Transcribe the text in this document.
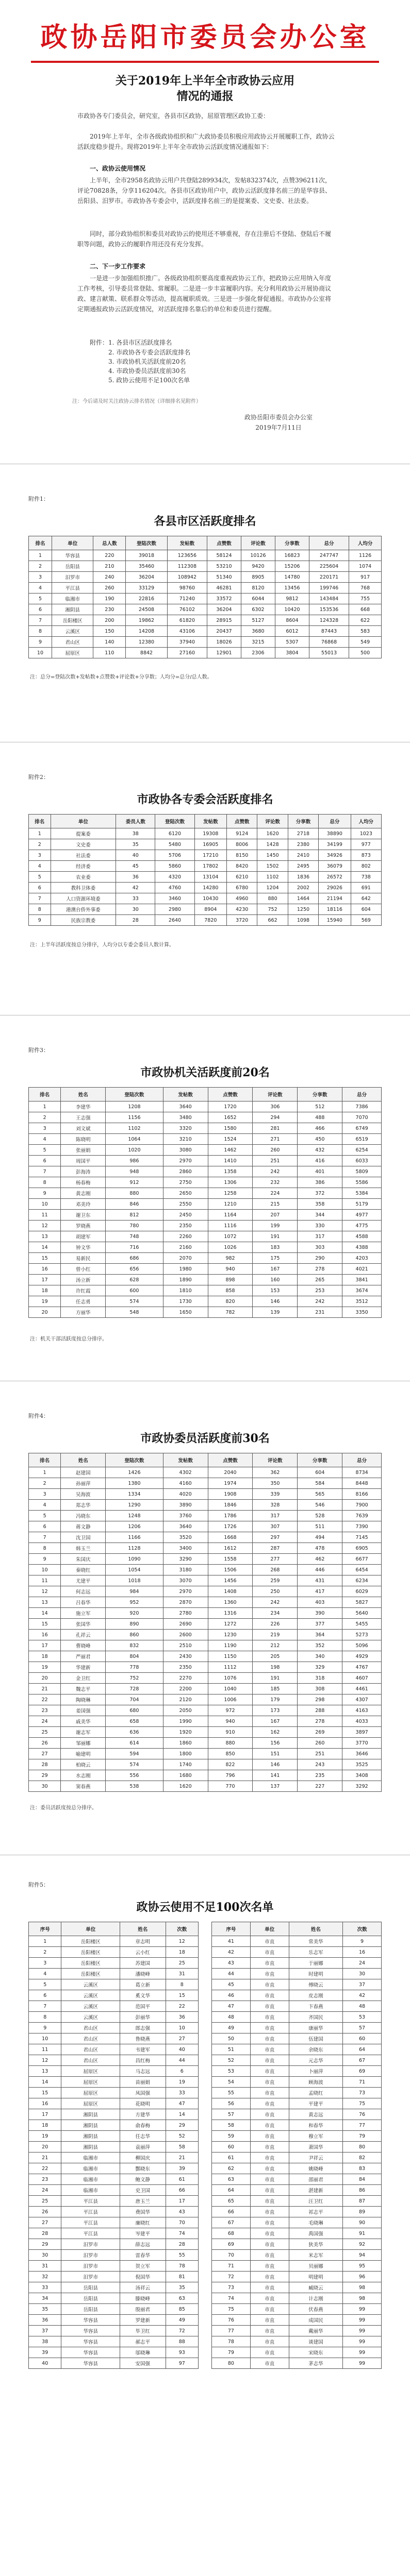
政协岳阳市委员会办公室
关于2019年上半年全市政协云应用
情况的通报
市政协各专门委员会，研究室，各县市区政协，屈原管理区政协工委：
2019年上半年，全市各级政协组织和广大政协委员积极应用政协云开展履职工作，政协云活跃度稳步提升。现将2019年上半年全市政协云活跃度情况通报如下：
一、政协云使用情况
上半年，全市2958名政协云用户共登陆289934次，发帖832374次，点赞396211次，评论70828条，分享116204次。各县市区政协用户中，政协云活跃度排名前三的是华容县、岳阳县、汨罗市。市政协各专委会中，活跃度排名前三的是提案委、文史委、社法委。
同时，部分政协组织和委员对政协云的使用还不够重视，存在注册后不登陆、登陆后不履职等问题，政协云的履职作用还没有充分发挥。
二、下一步工作要求
一是进一步加强组织推广。各级政协组织要高度重视政协云工作，把政协云应用纳入年度工作考核，引导委员常登陆、常履职。二是进一步丰富履职内容。充分利用政协云开展协商议政、建言献策、联系群众等活动，提高履职质效。三是进一步强化督促通报。市政协办公室将定期通报政协云活跃度情况，对活跃度排名靠后的单位和委员进行提醒。
附件：1. 各县市区活跃度排名
2. 市政协各专委会活跃度排名
3. 市政协机关活跃度前20名
4. 市政协委员活跃度前30名
5. 政协云使用不足100次名单
注：今后请及时关注政协云排名情况（详细排名见附件）
政协岳阳市委员会办公室
2019年7月11日
附件1：
各县市区活跃度排名
排名	单位	总人数	登陆次数	发帖数	点赞数	评论数	分享数	总分	人均分
1	华容县	220	39018	123656	58124	10126	16823	247747	1126
2	岳阳县	210	35460	112308	53210	9420	15206	225604	1074
3	汨罗市	240	36204	108942	51340	8905	14780	220171	917
4	平江县	260	33129	98760	46281	8120	13456	199746	768
5	临湘市	190	22816	71240	33572	6044	9812	143484	755
6	湘阴县	230	24508	76102	36204	6302	10420	153536	668
7	岳阳楼区	200	19862	61820	28915	5127	8604	124328	622
8	云溪区	150	14208	43106	20437	3680	6012	87443	583
9	君山区	140	12380	37940	18026	3215	5307	76868	549
10	屈原区	110	8842	27160	12901	2306	3804	55013	500
注：总分=登陆次数+发帖数+点赞数+评论数+分享数；人均分=总分/总人数。
附件2：
市政协各专委会活跃度排名
排名	单位	委员人数	登陆次数	发帖数	点赞数	评论数	分享数	总分	人均分
1	提案委	38	6120	19308	9124	1620	2718	38890	1023
2	文史委	35	5480	16905	8006	1428	2380	34199	977
3	社法委	40	5706	17210	8150	1450	2410	34926	873
4	经济委	45	5860	17802	8420	1502	2495	36079	802
5	农业委	36	4320	13104	6210	1102	1836	26572	738
6	教科卫体委	42	4760	14280	6780	1204	2002	29026	691
7	人口资源环境委	33	3460	10430	4960	880	1464	21194	642
8	港澳台侨外事委	30	2980	8904	4230	752	1250	18116	604
9	民族宗教委	28	2640	7820	3720	662	1098	15940	569
注：上半年活跃度按总分排序，人均分以专委会委员人数计算。
附件3：
市政协机关活跃度前20名
排名	姓名	登陆次数	发帖数	点赞数	评论数	分享数	总分
1	李建华	1208	3640	1720	306	512	7386
2	王志强	1156	3480	1652	294	488	7070
3	刘文斌	1102	3320	1580	281	466	6749
4	陈晓明	1064	3210	1524	271	450	6519
5	张丽娟	1020	3080	1462	260	432	6254
6	周国平	986	2970	1410	251	416	6033
7	彭海涛	948	2860	1358	242	401	5809
8	杨春梅	912	2750	1306	232	386	5586
9	黄志刚	880	2650	1258	224	372	5384
10	邓美玲	846	2550	1210	215	358	5179
11	谢卫东	812	2450	1164	207	344	4977
12	罗晓燕	780	2350	1116	199	330	4775
13	胡建军	748	2260	1072	191	317	4588
14	钟文华	716	2160	1026	183	303	4388
15	易新民	686	2070	982	175	290	4203
16	曾小红	656	1980	940	167	278	4021
17	汤立新	628	1890	898	160	265	3841
18	许红霞	600	1810	858	153	253	3674
19	任志勇	574	1730	820	146	242	3512
20	方丽华	548	1650	782	139	231	3350
注：机关干部活跃度按总分排序。
附件4：
市政协委员活跃度前30名
排名	姓名	登陆次数	发帖数	点赞数	评论数	分享数	总分
1	赵建国	1426	4302	2040	362	604	8734
2	孙丽萍	1380	4160	1974	350	584	8448
3	吴海波	1334	4020	1908	339	565	8166
4	郑志华	1290	3890	1846	328	546	7900
5	冯晓东	1248	3760	1786	317	528	7639
6	蒋文静	1206	3640	1726	307	511	7390
7	沈卫国	1166	3520	1668	297	494	7145
8	韩玉兰	1128	3400	1612	287	478	6905
9	朱国庆	1090	3290	1558	277	462	6677
10	秦晓红	1054	3180	1506	268	446	6454
11	尤建平	1018	3070	1456	259	431	6234
12	何志远	984	2970	1408	250	417	6029
13	吕春华	952	2870	1360	242	403	5827
14	施立军	920	2780	1316	234	390	5640
15	张国华	890	2690	1272	226	377	5455
16	孔祥云	860	2600	1230	219	364	5273
17	曹晓峰	832	2510	1190	212	352	5096
18	严丽君	804	2430	1150	205	340	4929
19	华建新	778	2350	1112	198	329	4767
20	金卫红	752	2270	1076	191	318	4607
21	魏志平	728	2200	1040	185	308	4461
22	陶晓琳	704	2120	1006	179	298	4307
23	姜国强	680	2050	972	173	288	4163
24	戚美华	658	1990	940	167	278	4033
25	谢志军	636	1920	910	162	269	3897
26	邹丽娜	614	1860	880	156	260	3770
27	喻建明	594	1800	850	151	251	3646
28	柏晓云	574	1740	822	146	243	3525
29	水志刚	556	1680	796	141	235	3408
30	窦春燕	538	1620	770	137	227	3292
注：委员活跃度按总分排序。
附件5：
政协云使用不足100次名单
序号	单位	姓名	次数
1	岳阳楼区	章志明	12
2	岳阳楼区	云小红	18
3	岳阳楼区	苏建国	25
4	岳阳楼区	潘晓峰	31
5	云溪区	葛立新	8
6	云溪区	奚文华	15
7	云溪区	范国平	22
8	云溪区	彭丽华	36
9	君山区	郎志强	10
10	君山区	鲁晓燕	27
11	君山区	韦建军	40
12	君山区	昌红梅	44
13	屈原区	马志远	6
14	屈原区	苗丽娟	19
15	屈原区	凤国强	33
16	屈原区	花晓明	47
17	湘阴县	方建华	14
18	湘阴县	俞春梅	29
19	湘阴县	任志华	52
20	湘阴县	袁丽萍	58
21	临湘市	柳国庆	21
22	临湘市	酆晓东	39
23	临湘市	鲍文静	61
24	临湘市	史卫国	66
25	平江县	唐玉兰	17
26	平江县	费国华	43
27	平江县	廉晓红	70
28	平江县	岑建平	74
29	汨罗市	薛志远	28
30	汨罗市	雷春华	55
31	汨罗市	贺立军	78
32	汨罗市	倪国华	81
33	岳阳县	汤祥云	35
34	岳阳县	滕晓峰	63
35	岳阳县	殷丽君	85
36	华容县	罗建新	49
37	华容县	毕卫红	72
38	华容县	郝志平	88
39	华容县	邬晓琳	93
40	华容县	安国强	97
序号	单位	姓名	次数
41	市直	常美华	9
42	市直	乐志军	16
43	市直	于丽娜	24
44	市直	时建明	30
45	市直	傅晓云	37
46	市直	皮志刚	42
47	市直	卞春燕	48
48	市直	齐国民	53
49	市直	康丽华	57
50	市直	伍建国	60
51	市直	余晓东	64
52	市直	元志华	67
53	市直	卜丽萍	69
54	市直	顾海波	71
55	市直	孟晓红	73
56	市直	平建平	75
57	市直	黄志远	76
58	市直	和春华	77
59	市直	穆立军	79
60	市直	萧国华	80
61	市直	尹祥云	82
62	市直	姚晓峰	83
63	市直	邵丽君	84
64	市直	湛建新	86
65	市直	汪卫红	87
66	市直	祁志平	89
67	市直	毛晓琳	90
68	市直	禹国强	91
69	市直	狄美华	92
70	市直	米志军	94
71	市直	贝丽娜	95
72	市直	明建明	96
73	市直	臧晓云	98
74	市直	计志刚	98
75	市直	伏春燕	99
76	市直	成国民	99
77	市直	戴丽华	99
78	市直	谈建国	99
79	市直	宋晓东	99
80	市直	茅志华	99
